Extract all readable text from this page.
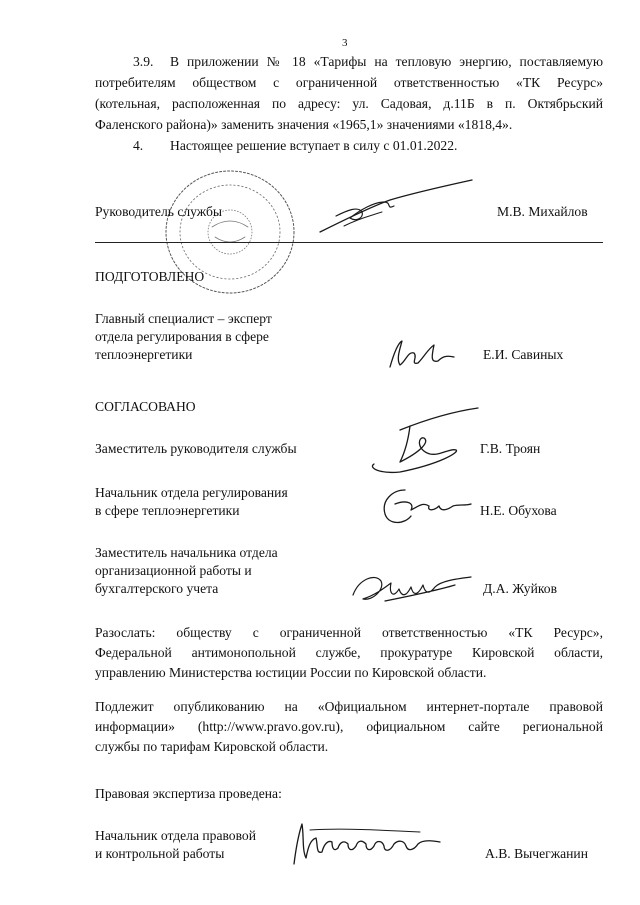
3
3.9. В приложении № 18 «Тарифы на тепловую энергию, поставляемую
потребителям обществом с ограниченной ответственностью «ТК Ресурс»
(котельная, расположенная по адресу: ул. Садовая, д.11Б в п. Октябрьский
Фаленского района)» заменить значения «1965,1» значениями «1818,4».
4. Настоящее решение вступает в силу с 01.01.2022.
Руководитель службы	М.В. Михайлов
ПОДГОТОВЛЕНО
Главный специалист – эксперт
отдела регулирования в сфере
теплоэнергетики	Е.И. Савиных
СОГЛАСОВАНО
Заместитель руководителя службы	Г.В. Троян
Начальник отдела регулирования
в сфере теплоэнергетики	Н.Е. Обухова
Заместитель начальника отдела
организационной работы и
бухгалтерского учета	Д.А. Жуйков
Разослать: обществу с ограниченной ответственностью «ТК Ресурс»,
Федеральной антимонопольной службе, прокуратуре Кировской области,
управлению Министерства юстиции России по Кировской области.
Подлежит опубликованию на «Официальном интернет-портале правовой
информации» (http://www.pravo.gov.ru), официальном сайте региональной
службы по тарифам Кировской области.
Правовая экспертиза проведена:
Начальник отдела правовой
и контрольной работы	А.В. Вычегжанин
